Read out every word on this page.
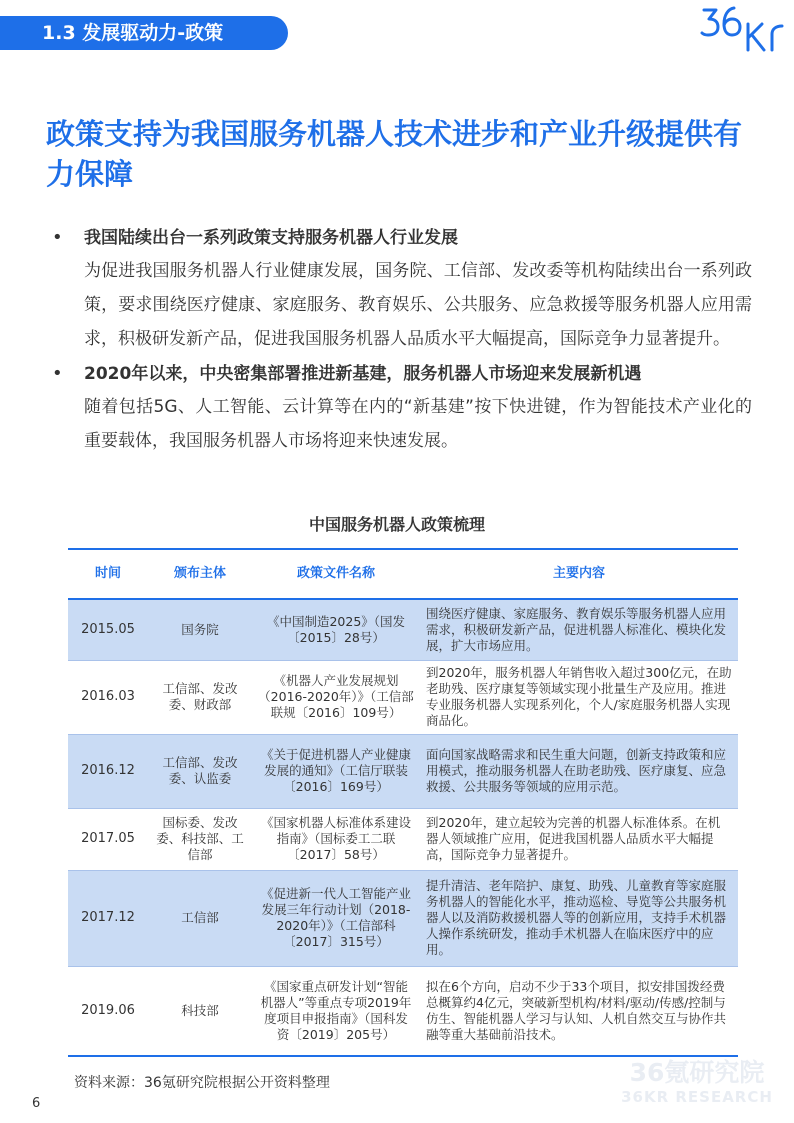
1.3 发展驱动力-政策
政策支持为我国服务机器人技术进步和产业升级提供有力保障
• 我国陆续出台一系列政策支持服务机器人行业发展
为促进我国服务机器人行业健康发展，国务院、工信部、发改委等机构陆续出台一系列政策，要求围绕医疗健康、家庭服务、教育娱乐、公共服务、应急救援等服务机器人应用需求，积极研发新产品，促进我国服务机器人品质水平大幅提高，国际竞争力显著提升。
• 2020年以来，中央密集部署推进新基建，服务机器人市场迎来发展新机遇
随着包括5G、人工智能、云计算等在内的“新基建”按下快进键，作为智能技术产业化的重要载体，我国服务机器人市场将迎来快速发展。
中国服务机器人政策梳理
时间	颁布主体	政策文件名称	主要内容
2015.05	国务院	《中国制造2025》（国发〔2015〕28号）	围绕医疗健康、家庭服务、教育娱乐等服务机器人应用需求，积极研发新产品，促进机器人标准化、模块化发展，扩大市场应用。
2016.03	工信部、发改委、财政部	《机器人产业发展规划（2016-2020年）》（工信部联规〔2016〕109号）	到2020年，服务机器人年销售收入超过300亿元，在助老助残、医疗康复等领域实现小批量生产及应用。推进专业服务机器人实现系列化，个人/家庭服务机器人实现商品化。
2016.12	工信部、发改委、认监委	《关于促进机器人产业健康发展的通知》（工信厅联装〔2016〕169号）	面向国家战略需求和民生重大问题，创新支持政策和应用模式，推动服务机器人在助老助残、医疗康复、应急救援、公共服务等领域的应用示范。
2017.05	国标委、发改委、科技部、工信部	《国家机器人标准体系建设指南》（国标委工二联〔2017〕58号）	到2020年，建立起较为完善的机器人标准体系。在机器人领域推广应用，促进我国机器人品质水平大幅提高，国际竞争力显著提升。
2017.12	工信部	《促进新一代人工智能产业发展三年行动计划（2018-2020年）》（工信部科〔2017〕315号）	提升清洁、老年陪护、康复、助残、儿童教育等家庭服务机器人的智能化水平，推动巡检、导览等公共服务机器人以及消防救援机器人等的创新应用，支持手术机器人操作系统研发，推动手术机器人在临床医疗中的应用。
2019.06	科技部	《国家重点研发计划“智能机器人”等重点专项2019年度项目申报指南》（国科发资〔2019〕205号）	拟在6个方向，启动不少于33个项目，拟安排国拨经费总概算约4亿元，突破新型机构/材料/驱动/传感/控制与仿生、智能机器人学习与认知、人机自然交互与协作共融等重大基础前沿技术。
资料来源：36氪研究院根据公开资料整理	36氪研究院
36KR RESEARCH
6
